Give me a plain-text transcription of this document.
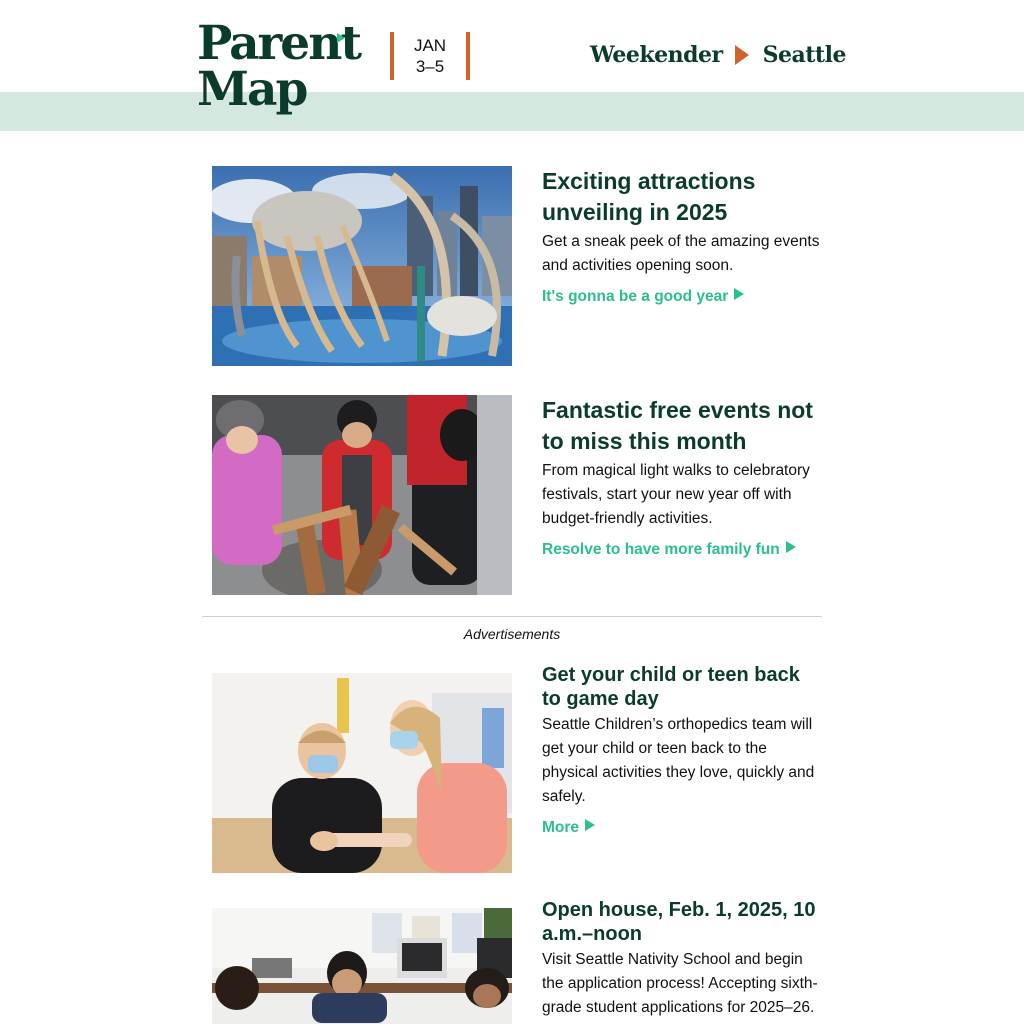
Parent
Map
JAN
3–5	Weekender Seattle
Exciting attractions unveiling in 2025

Get a sneak peek of the amazing events and activities opening soon.

It's gonna be a good year
Fantastic free events not to miss this month

From magical light walks to celebratory festivals, start your new year off with budget-friendly activities.

Resolve to have more family fun
Advertisements
Get your child or teen back to game day

Seattle Children’s orthopedics team will get your child or teen back to the physical activities they love, quickly and safely.

More
Open house, Feb. 1, 2025, 10 a.m.–noon

Visit Seattle Nativity School and begin the application process! Accepting sixth-grade student applications for 2025–26.
